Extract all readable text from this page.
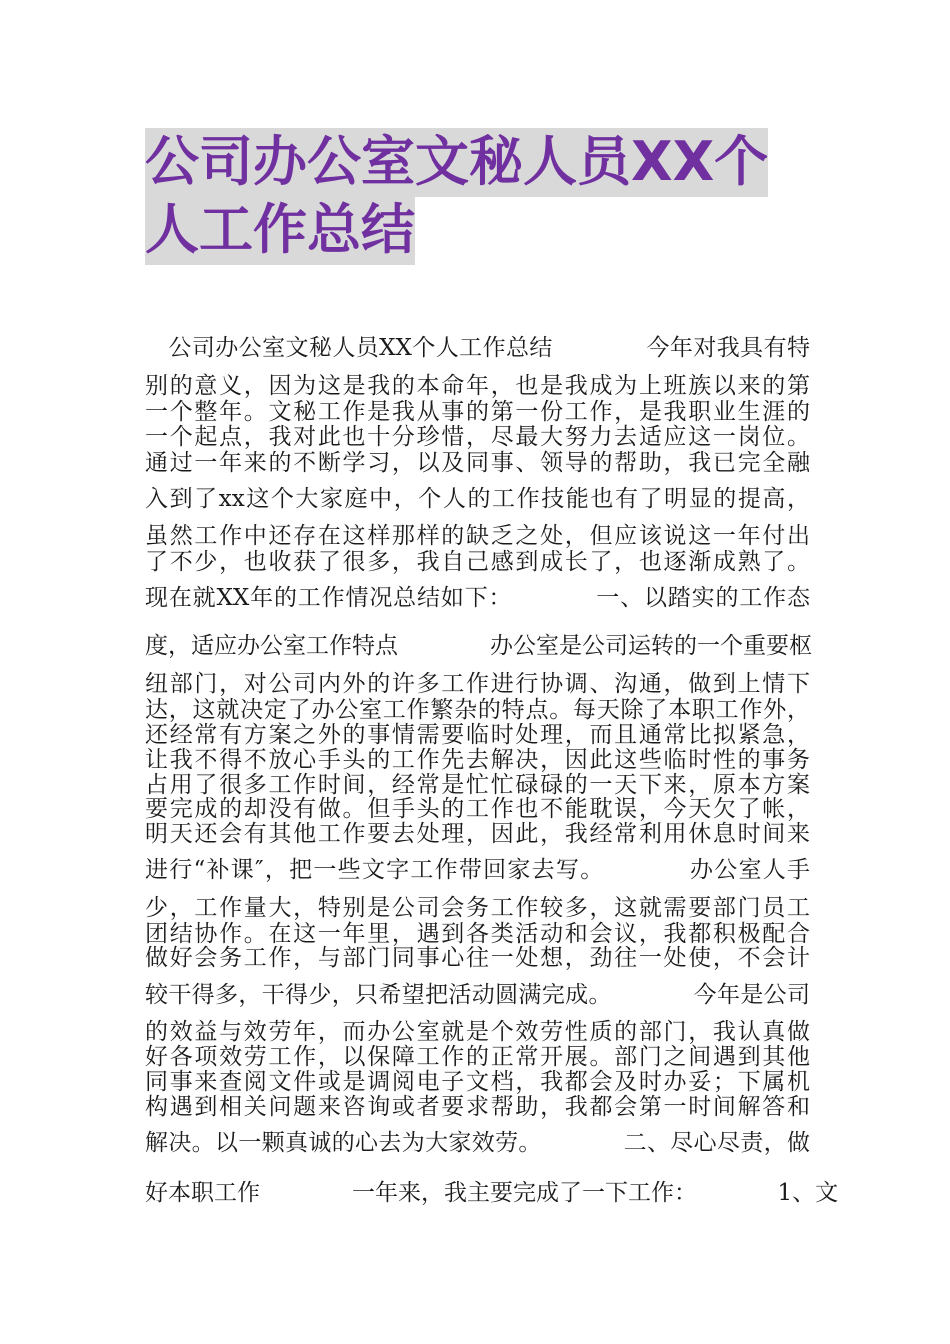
公司办公室文秘人员XX个
人工作总结

　公司办公室文秘人员XX个人工作总结　　　　今年对我具有特

别的意义，因为这是我的本命年，也是我成为上班族以来的第

一个整年。文秘工作是我从事的第一份工作，是我职业生涯的

一个起点，我对此也十分珍惜，尽最大努力去适应这一岗位。

通过一年来的不断学习，以及同事、领导的帮助，我已完全融

入到了xx这个大家庭中，个人的工作技能也有了明显的提高，

虽然工作中还存在这样那样的缺乏之处，但应该说这一年付出

了不少，也收获了很多，我自己感到成长了，也逐渐成熟了。

现在就XX年的工作情况总结如下：　　　　一、以踏实的工作态

度，适应办公室工作特点　　　　办公室是公司运转的一个重要枢

纽部门，对公司内外的许多工作进行协调、沟通，做到上情下

达，这就决定了办公室工作繁杂的特点。每天除了本职工作外，

还经常有方案之外的事情需要临时处理，而且通常比拟紧急，

让我不得不放心手头的工作先去解决，因此这些临时性的事务

占用了很多工作时间，经常是忙忙碌碌的一天下来，原本方案

要完成的却没有做。但手头的工作也不能耽误，今天欠了帐，

明天还会有其他工作要去处理，因此，我经常利用休息时间来

进行“补课″，把一些文字工作带回家去写。　　　　办公室人手

少，工作量大，特别是公司会务工作较多，这就需要部门员工

团结协作。在这一年里，遇到各类活动和会议，我都积极配合

做好会务工作，与部门同事心往一处想，劲往一处使，不会计

较干得多，干得少，只希望把活动圆满完成。　　　　今年是公司

的效益与效劳年，而办公室就是个效劳性质的部门，我认真做

好各项效劳工作，以保障工作的正常开展。部门之间遇到其他

同事来查阅文件或是调阅电子文档，我都会及时办妥；下属机

构遇到相关问题来咨询或者要求帮助，我都会第一时间解答和

解决。以一颗真诚的心去为大家效劳。　　　　二、尽心尽责，做

好本职工作　　　　一年来，我主要完成了一下工作：　　　　1、文
